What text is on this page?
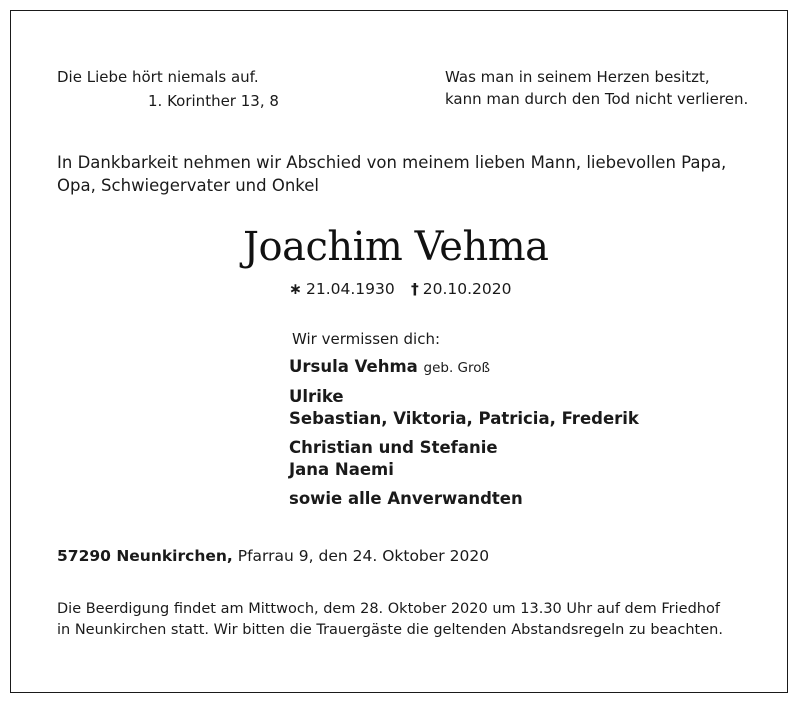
Die Liebe hört niemals auf.
1. Korinther 13, 8
Was man in seinem Herzen besitzt,
kann man durch den Tod nicht verlieren.
In Dankbarkeit nehmen wir Abschied von meinem lieben Mann, liebevollen Papa,
Opa, Schwiegervater und Onkel
Joachim Vehma
∗ 21.04.1930 † 20.10.2020
Wir vermissen dich:
Ursula Vehma geb. Groß
Ulrike
Sebastian, Viktoria, Patricia, Frederik
Christian und Stefanie
Jana Naemi
sowie alle Anverwandten
57290 Neunkirchen, Pfarrau 9, den 24. Oktober 2020
Die Beerdigung findet am Mittwoch, dem 28. Oktober 2020 um 13.30 Uhr auf dem Friedhof
in Neunkirchen statt. Wir bitten die Trauergäste die geltenden Abstandsregeln zu beachten.
